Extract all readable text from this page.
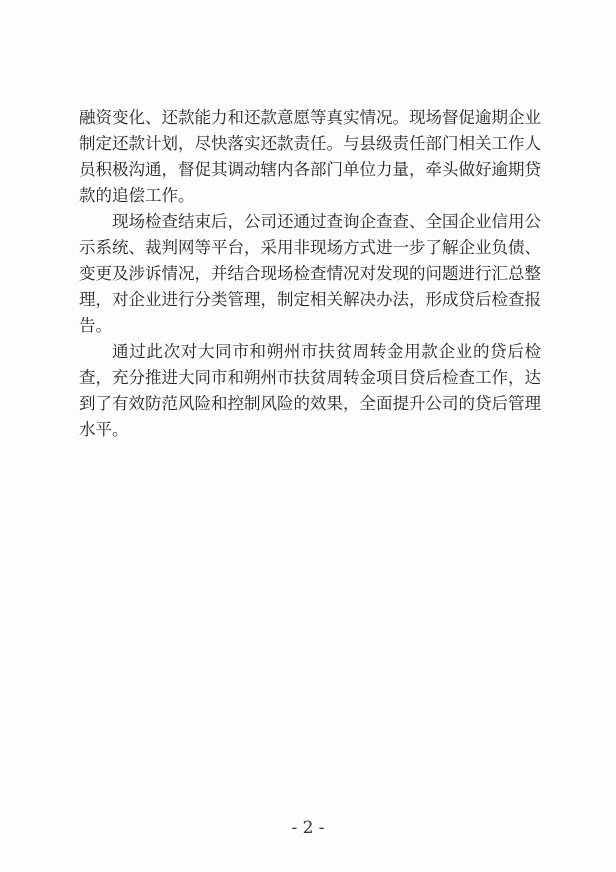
融资变化、还款能力和还款意愿等真实情况。现场督促逾期企业制定还款计划，尽快落实还款责任。与县级责任部门相关工作人员积极沟通，督促其调动辖内各部门单位力量，牵头做好逾期贷款的追偿工作。

现场检查结束后，公司还通过查询企查查、全国企业信用公示系统、裁判网等平台，采用非现场方式进一步了解企业负债、变更及涉诉情况，并结合现场检查情况对发现的问题进行汇总整理，对企业进行分类管理，制定相关解决办法，形成贷后检查报告。

通过此次对大同市和朔州市扶贫周转金用款企业的贷后检查，充分推进大同市和朔州市扶贫周转金项目贷后检查工作，达到了有效防范风险和控制风险的效果，全面提升公司的贷后管理水平。

- 2 -
